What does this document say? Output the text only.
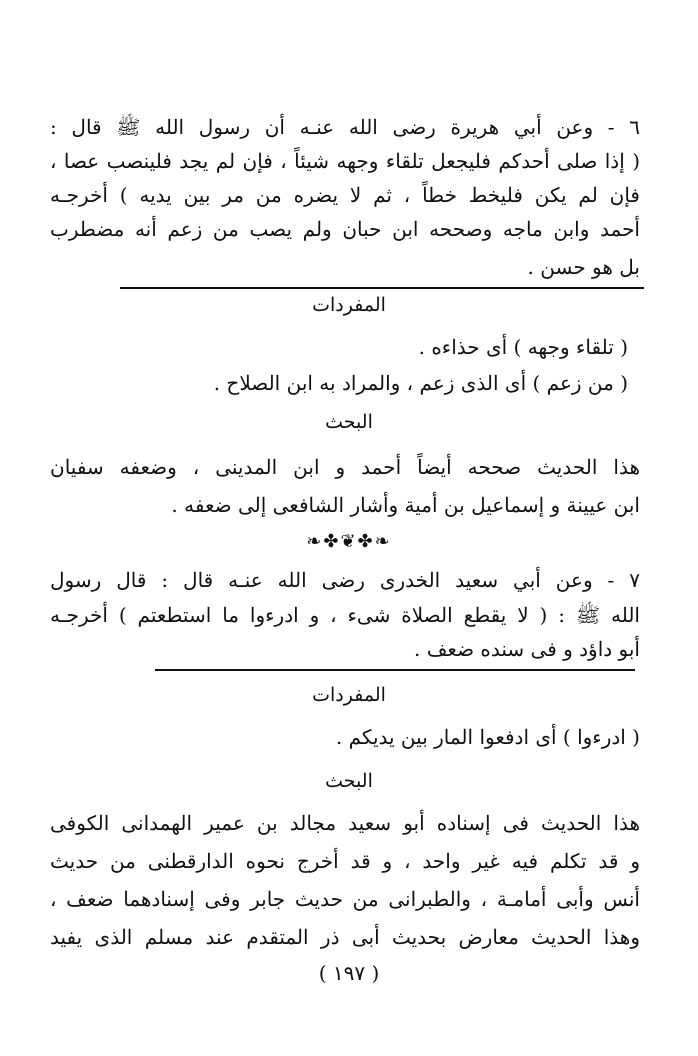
٦ - وعن أبي هريرة رضى الله عنـه أن رسول الله ﷺ قال :
( إذا صلى أحدكم فليجعل تلقاء وجهه شيئاً ، فإن لم يجد فلينصب عصا ،
فإن لم يكن فليخط خطاً ، ثم لا يضره من مر بين يديه ) أخرجـه
أحمد وابن ماجه وصححه ابن حبان ولم يصب من زعم أنه مضطرب
بل هو حسن .
المفردات
( تلقاء وجهه ) أى حذاءه .
( من زعم ) أى الذى زعم ، والمراد به ابن الصلاح .
البحث
هذا الحديث صححه أيضاً أحمد و ابن المدينى ، وضعفه سفيان
ابن عيينة و إسماعيل بن أمية وأشار الشافعى إلى ضعفه .
❧✤❦✤❧
٧ - وعن أبي سعيد الخدرى رضى الله عنـه قال : قال رسول
الله ﷺ : ( لا يقطع الصلاة شىء ، و ادرءوا ما استطعتم ) أخرجـه
أبو داؤد و فى سنده ضعف .
المفردات
( ادرءوا ) أى ادفعوا المار بين يديكم .
البحث
هذا الحديث فى إسناده أبو سعيد مجالد بن عمير الهمدانى الكوفى
و قد تكلم فيه غير واحد ، و قد أخرج نحوه الدارقطنى من حديث
أنس وأبى أمامـة ، والطبرانى من حديث جابر وفى إسنادهما ضعف ،
وهذا الحديث معارض بحديث أبى ذر المتقدم عند مسلم الذى يفيد
( ١٩٧ )
